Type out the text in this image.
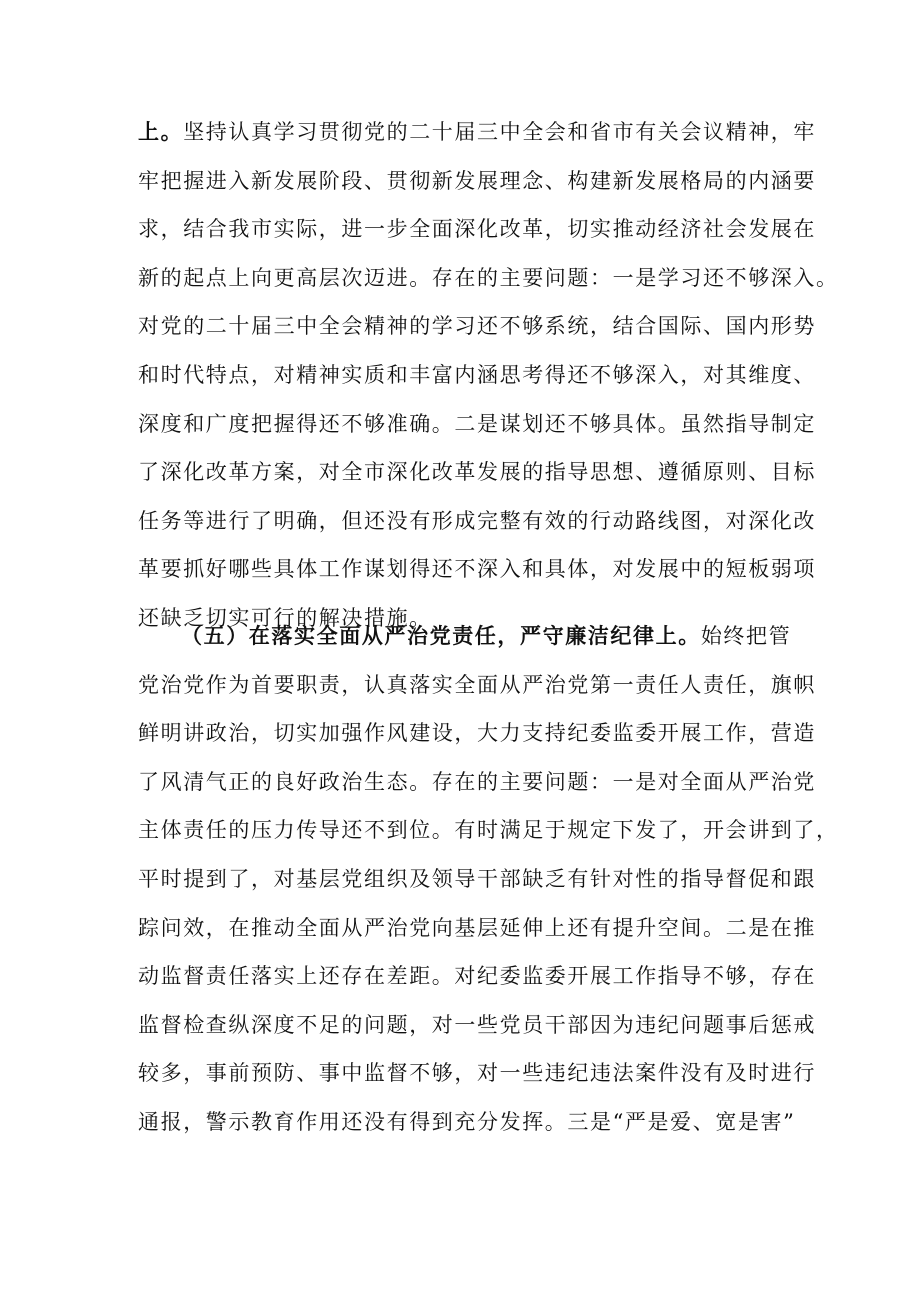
上。坚持认真学习贯彻党的二十届三中全会和省市有关会议精神，牢
牢把握进入新发展阶段、贯彻新发展理念、构建新发展格局的内涵要
求，结合我市实际，进一步全面深化改革，切实推动经济社会发展在
新的起点上向更高层次迈进。存在的主要问题：一是学习还不够深入。
对党的二十届三中全会精神的学习还不够系统，结合国际、国内形势
和时代特点，对精神实质和丰富内涵思考得还不够深入，对其维度、
深度和广度把握得还不够准确。二是谋划还不够具体。虽然指导制定
了深化改革方案，对全市深化改革发展的指导思想、遵循原则、目标
任务等进行了明确，但还没有形成完整有效的行动路线图，对深化改
革要抓好哪些具体工作谋划得还不深入和具体，对发展中的短板弱项
还缺乏切实可行的解决措施。
（五）在落实全面从严治党责任，严守廉洁纪律上。始终把管
党治党作为首要职责，认真落实全面从严治党第一责任人责任，旗帜
鲜明讲政治，切实加强作风建设，大力支持纪委监委开展工作，营造
了风清气正的良好政治生态。存在的主要问题：一是对全面从严治党
主体责任的压力传导还不到位。有时满足于规定下发了，开会讲到了，
平时提到了，对基层党组织及领导干部缺乏有针对性的指导督促和跟
踪问效，在推动全面从严治党向基层延伸上还有提升空间。二是在推
动监督责任落实上还存在差距。对纪委监委开展工作指导不够，存在
监督检查纵深度不足的问题，对一些党员干部因为违纪问题事后惩戒
较多，事前预防、事中监督不够，对一些违纪违法案件没有及时进行
通报，警示教育作用还没有得到充分发挥。三是“严是爱、宽是害”
